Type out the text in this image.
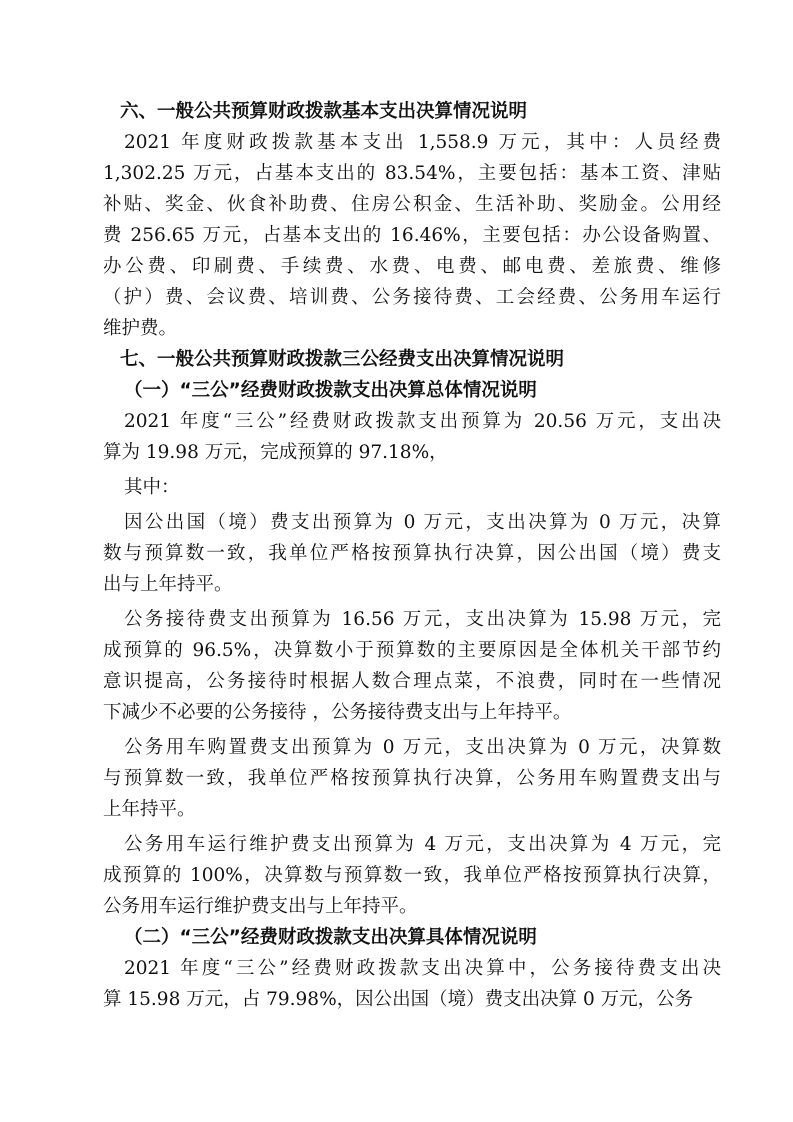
六、一般公共预算财政拨款基本支出决算情况说明
2021 年度财政拨款基本支出 1,558.9 万元，其中：人员经费
1,302.25 万元，占基本支出的 83.54%，主要包括：基本工资、津贴
补贴、奖金、伙食补助费、住房公积金、生活补助、奖励金。公用经
费 256.65 万元，占基本支出的 16.46%，主要包括：办公设备购置、
办公费、印刷费、手续费、水费、电费、邮电费、差旅费、维修
（护）费、会议费、培训费、公务接待费、工会经费、公务用车运行
维护费。
七、一般公共预算财政拨款三公经费支出决算情况说明
（一）“三公”经费财政拨款支出决算总体情况说明
2021 年度“三公”经费财政拨款支出预算为 20.56 万元，支出决
算为 19.98 万元，完成预算的 97.18%，
其中：
因公出国（境）费支出预算为 0 万元，支出决算为 0 万元，决算
数与预算数一致，我单位严格按预算执行决算，因公出国（境）费支
出与上年持平。
公务接待费支出预算为 16.56 万元，支出决算为 15.98 万元，完
成预算的 96.5%，决算数小于预算数的主要原因是全体机关干部节约
意识提高，公务接待时根据人数合理点菜，不浪费，同时在一些情况
下减少不必要的公务接待 ，公务接待费支出与上年持平。
公务用车购置费支出预算为 0 万元，支出决算为 0 万元，决算数
与预算数一致，我单位严格按预算执行决算，公务用车购置费支出与
上年持平。
公务用车运行维护费支出预算为 4 万元，支出决算为 4 万元，完
成预算的 100%，决算数与预算数一致，我单位严格按预算执行决算，
公务用车运行维护费支出与上年持平。
（二）“三公”经费财政拨款支出决算具体情况说明
2021 年度“三公”经费财政拨款支出决算中，公务接待费支出决
算 15.98 万元，占 79.98%，因公出国（境）费支出决算 0 万元，公务
